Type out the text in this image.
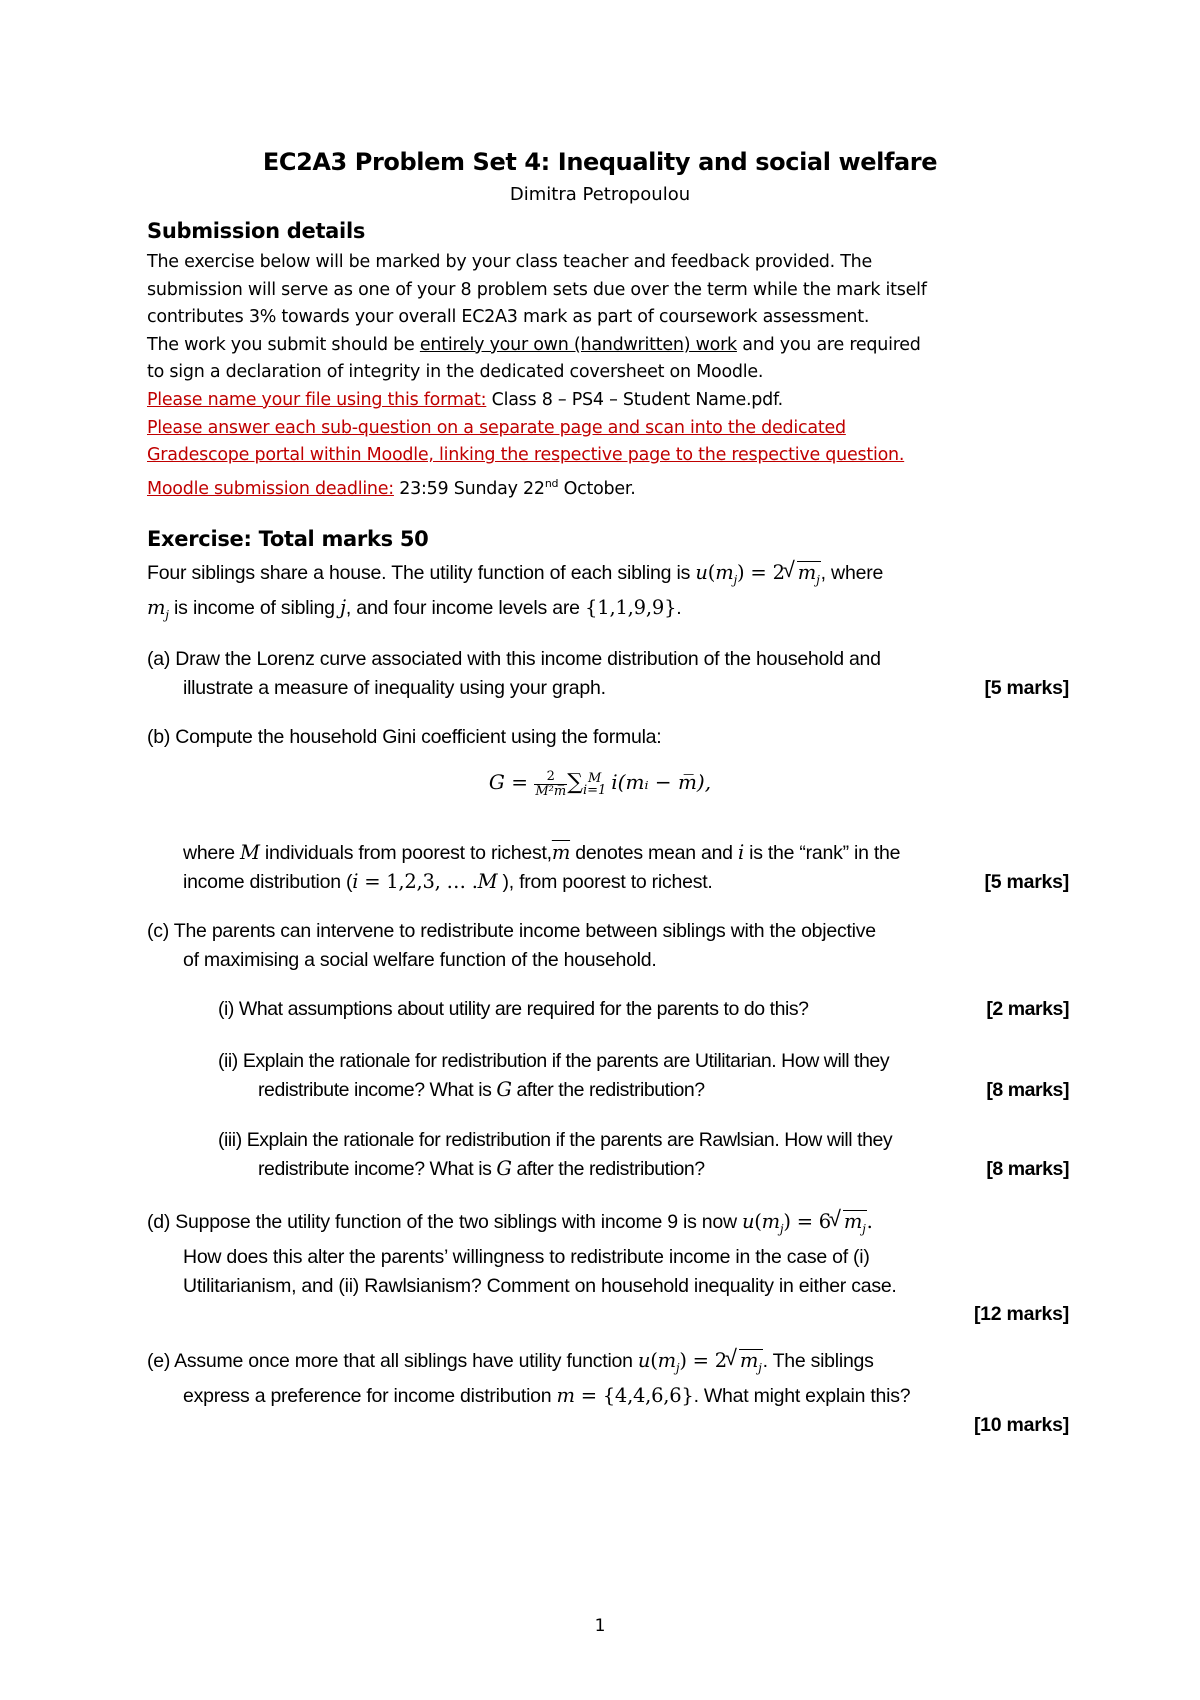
EC2A3 Problem Set 4: Inequality and social welfare
Dimitra Petropoulou
Submission details
The exercise below will be marked by your class teacher and feedback provided. The
submission will serve as one of your 8 problem sets due over the term while the mark itself
contributes 3% towards your overall EC2A3 mark as part of coursework assessment.
The work you submit should be entirely your own (handwritten) work and you are required
to sign a declaration of integrity in the dedicated coversheet on Moodle.
Please name your file using this format: Class 8 – PS4 – Student Name.pdf.
Please answer each sub-question on a separate page and scan into the dedicated
Gradescope portal within Moodle, linking the respective page to the respective question.
Moodle submission deadline: 23:59 Sunday 22nd October.
Exercise: Total marks 50
Four siblings share a house. The utility function of each sibling is $u(m_j) = 2$ √ $m_j$, where
$m_j$ is income of sibling j, and four income levels are {1,1,9,9}.
(a) Draw the Lorenz curve associated with this income distribution of the household and
illustrate a measure of inequality using your graph.	[5 marks]
(b) Compute the household Gini coefficient using the formula:
$G = \frac{2}{\text{M²m̅}}$ ∑ M
i=1 i(mᵢ − m̅),
where M individuals from poorest to $richest,\overline{m}$ denotes mean and i is the “rank” in the
income distribution (i = 1,2,3, … .M ), from poorest to richest.	[5 marks]
(c) The parents can intervene to redistribute income between siblings with the objective
of maximising a social welfare function of the household.
(i) What assumptions about utility are required for the parents to do this?	[2 marks]
(ii) Explain the rationale for redistribution if the parents are Utilitarian. How will they
redistribute income? What is G after the redistribution?	[8 marks]
(iii) Explain the rationale for redistribution if the parents are Rawlsian. How will they
redistribute income? What is G after the redistribution?	[8 marks]
(d) Suppose the utility function of the two siblings with income 9 is now $u(m_j) = 6$ √ $m_j$.
How does this alter the parents’ willingness to redistribute income in the case of (i)
Utilitarianism, and (ii) Rawlsianism? Comment on household inequality in either case.
[12 marks]

(e) Assume once more that all siblings have utility function $u(m_j) = 2$ √ $m_j$. The siblings
express a preference for income distribution m = {4,4,6,6}. What might explain this?
[10 marks]

1
